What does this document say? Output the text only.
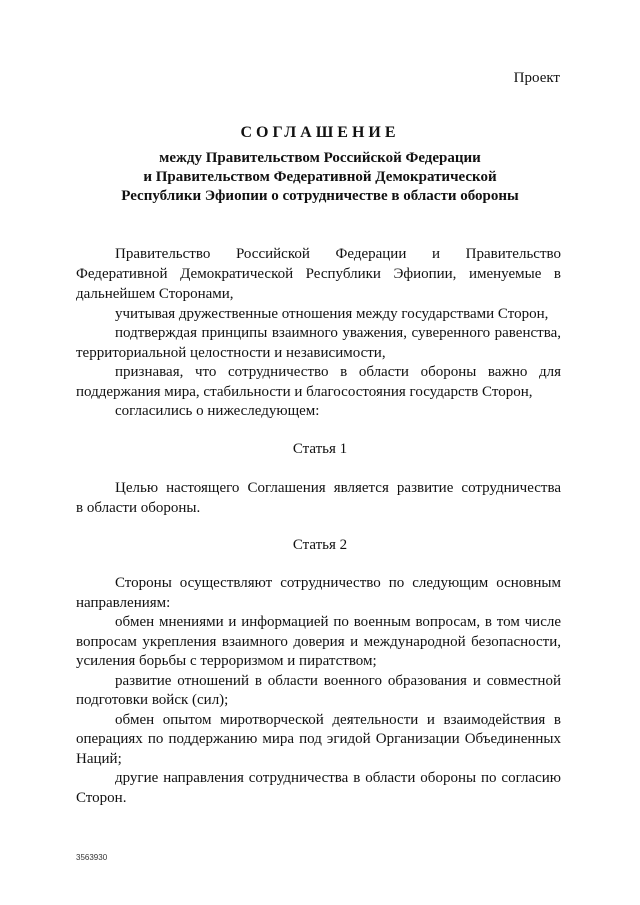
Проект
СОГЛАШЕНИЕ
между Правительством Российской Федерации
и Правительством Федеративной Демократической
Республики Эфиопии о сотрудничестве в области обороны
Правительство Российской Федерации и Правительство
Федеративной Демократической Республики Эфиопии, именуемые в
дальнейшем Сторонами,
учитывая дружественные отношения между государствами Сторон,
подтверждая принципы взаимного уважения, суверенного равенства,
территориальной целостности и независимости,
признавая, что сотрудничество в области обороны важно для
поддержания мира, стабильности и благосостояния государств Сторон,
согласились о нижеследующем:
Статья 1
Целью настоящего Соглашения является развитие сотрудничества
в области обороны.
Статья 2
Стороны осуществляют сотрудничество по следующим основным
направлениям:
обмен мнениями и информацией по военным вопросам, в том числе
вопросам укрепления взаимного доверия и международной безопасности,
усиления борьбы с терроризмом и пиратством;
развитие отношений в области военного образования и совместной
подготовки войск (сил);
обмен опытом миротворческой деятельности и взаимодействия в
операциях по поддержанию мира под эгидой Организации Объединенных
Наций;
другие направления сотрудничества в области обороны по согласию
Сторон.
3563930
